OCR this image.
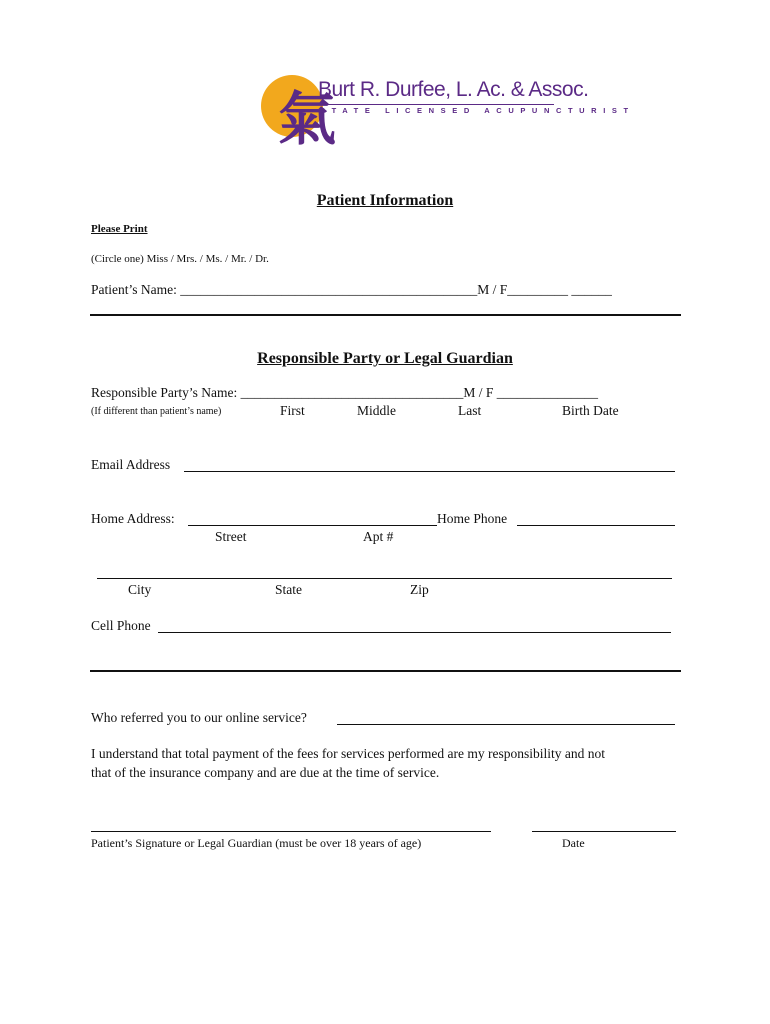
氣
Burt R. Durfee, L. Ac. & Assoc.
STATE LICENSED ACUPUNCTURIST
Patient Information
Please Print
(Circle one) Miss / Mrs. / Ms. / Mr. / Dr.
Patient’s Name: ____________________________________________M / F_________ ______
Responsible Party or Legal Guardian
Responsible Party’s Name: _________________________________M / F _______________
(If different than patient’s name)	First	Middle	Last	Birth Date
Email Address
Home Address:	Home Phone
Street	Apt #
City	State	Zip
Cell Phone
Who referred you to our online service?
I understand that total payment of the fees for services performed are my responsibility and not
that of the insurance company and are due at the time of service.
Patient’s Signature or Legal Guardian (must be over 18 years of age)	Date
